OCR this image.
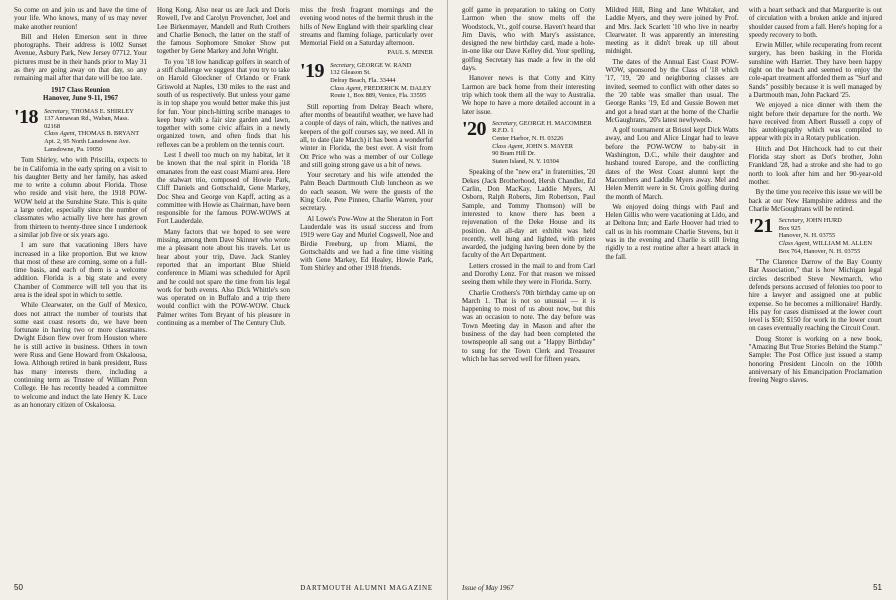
So come on and join us and have the time of your life. Who knows, many of us may never make another reunion!

Bill and Helen Emerson sent in three photographs. Their address is 1002 Sunset Avenue, Asbury Park, New Jersey 07712. Your pictures must be in their hands prior to May 31 as they are going away on that day, so any remaining mail after that date will be too late.

1917 Class Reunion
Hanover, June 9-11, 1967
'18 Secretary, THOMAS E. SHIRLEY
137 Annawan Rd., Waban, Mass.
02168
Class Agent, THOMAS B. BRYANT
Apt. 2, 95 North Lansdowne Ave.
Lansdowne, Pa. 19050

Tom Shirley, who with Priscilla, expects to be in California in the early spring on a visit to his daughter Betty and her family, has asked me to write a column about Florida. Those who reside and visit here, the 1918 POW-WOW held at the Sunshine State. This is quite a large order, especially since the number of classmates who actually live here has grown from thirteen to twenty-three since I undertook a similar job five or six years ago.

I am sure that vacationing 18ers have increased in a like proportion. But we know that most of these are coming, some on a full-time basis, and each of them is a welcome addition. Florida is a big state and every Chamber of Commerce will tell you that its area is the ideal spot in which to settle.

While Clearwater, on the Gulf of Mexico, does not attract the number of tourists that some east coast resorts do, we have been fortunate in having two or more classmates. Dwight Edson flew over from Houston where he is still active in business. Others in town were Russ and Gene Howard from Oskaloosa, Iowa. Although retired in bank president, Russ has many interests there, including a continuing term as Trustee of William Penn College. He has recently headed a committee to welcome and induct the late Henry K. Luce as an honorary citizen of Oskaloosa.

Hong Kong. Also near us are Jack and Doris Rowell, I've and Carolyn Provencher, Joel and Lee Birkenmayer, Mandell and Ruth Crothers and Charlie Benoch, the latter on the staff of the famous Sophomore Smoker Show put together by Gene Markey and John Wright.

To you '18 low handicap golfers in search of a stiff challenge we suggest that you try to take on Harold Gloeckner of Orlando or Frank Griswold at Naples, 130 miles to the east and south of us respectively. But unless your game is in top shape you would better make this just for fun. Your pinch-hitting scribe manages to keep busy with a fair size garden and lawn, together with some civic affairs in a newly organized town, and often finds that his reflexes can be a problem on the tennis court.

Lest I dwell too much on my habitat, let it be known that the real spirit in Florida '18 emanates from the east coast Miami area. Here the stalwart trio, composed of Howie Park, Cliff Daniels and Gottschaldt, Gene Markey, Doc Shea and George von Kapff, acting as a committee with Howie as Chairman, have been responsible for the famous POW-WOWS at Fort Lauderdale.

Many factors that we hoped to see were missing, among them Dave Skinner who wrote me a pleasant note about his travels. Let us hear about your trip, Dave. Jack Stanley reported that an important Blue Shield conference in Miami was scheduled for April and he could not spare the time from his legal work for both events. Also Dick Whittle's son was operated on in Buffalo and a trip there would conflict with the POW-WOW. Chuck Palmer writes Tom Bryant of his pleasure in continuing as a member of The Century Club.

miss the fresh fragrant mornings and the evening wood notes of the hermit thrush in the hills of New England with their sparkling clear streams and flaming foliage, particularly over Memorial Field on a Saturday afternoon.

PAUL S. MINER
'19 Secretary, GEORGE W. RAND
132 Gleason St.
Delray Beach, Fla. 33444
Class Agent, FREDERICK M. DALEY
Route 1, Box 889, Venice, Fla. 33595

Still reporting from Delray Beach where, after months of beautiful weather, we have had a couple of days of rain, which, the natives and keepers of the golf courses say, we need. All in all, to date (late March) it has been a wonderful winter in Florida, the best ever. A visit from Ott Price who was a member of our College and still going strong gave us a bit of news.

Your secretary and his wife attended the Palm Beach Dartmouth Club luncheon as we do each season. We were the guests of the King Cole, Pete Pinneo, Charlie Warren, your secretary.

Al Lowe's Pow-Wow at the Sheraton in Fort Lauderdale was its usual success and from 1919 were Gay and Muriel Cogswell, Noe and Birdie Freeburg, up from Miami, the Gottschaldts and we had a fine time visiting with Gene Markey, Ed Healey, Howie Park, Tom Shirley and other 1918 friends.

50	DARTMOUTH ALUMNI MAGAZINE

golf game in preparation to taking on Cotty Larmon when the snow melts off the Woodstock, Vt., golf course. Haven't heard that Jim Davis, who with Mary's assistance, designed the new birthday card, made a hole-in-one like our Dave Kelley did. Your spelling, golfing Secretary has made a few in the old days.

Hanover news is that Cotty and Kitty Larmon are back home from their interesting trip which took them all the way to Australia. We hope to have a more detailed account in a later issue.

'20 Secretary, GEORGE H. MACOMBER
R.F.D. 1
Center Harbor, N. H. 03226
Class Agent, JOHN S. MAYER
90 Bram Hill Dr.
Staten Island, N. Y. 10304

Speaking of the "new era" in fraternities, '20 Dekes (Jack Brotherhood, Hersh Chandler, Ed Carlin, Don MacKay, Laddie Myers, Al Osborn, Ralph Roberts, Jim Robertson, Paul Sample, and Tommy Thomson) will be interested to know there has been a rejuvenation of the Deke House and its position. An all-day art exhibit was held recently, well hung and lighted, with prizes awarded, the judging having been done by the faculty of the Art Department.

Letters crossed in the mail to and from Carl and Dorothy Lenz. For that reason we missed seeing them while they were in Florida. Sorry.

Charlie Crothers's 70th birthday came up on March 1. That is not so unusual — it is happening to most of us about now, but this was an occasion to note. The day before was Town Meeting day in Mason and after the business of the day had been completed the townspeople all sang out a "Happy Birthday" to sung for the Town Clerk and Treasurer which he has served well for fifteen years.

Mildred Hill, Bing and Jane Whitaker, and Laddie Myers, and they were joined by Prof. and Mrs. Jack Scarlett '10 who live in nearby Clearwater. It was apparently an interesting meeting as it didn't break up till about midnight.

The dates of the Annual East Coast POW-WOW, sponsored by the Class of '18 which '17, '19, '20 and neighboring classes are invited, seemed to conflict with other dates so the '20 table was smaller than usual. The George Ranks '19, Ed and Gussie Bowen met and got a head start at the home of the Charlie McGaughrans, '20's latest newlyweds.

A golf tournament at Bristol kept Dick Watts away, and Lou and Alice Lingar had to leave before the POW-WOW to baby-sit in Washington, D.C., while their daughter and husband toured Europe, and the conflicting dates of the West Coast alumni kept the Macombers and Laddie Myers away. Mel and Helen Merritt were in St. Croix golfing during the month of March.

We enjoyed doing things with Paul and Helen Gillis who were vacationing at Lido, and at Deltona Inn; and Earle Hoover had tried to call us in his roommate Charlie Stevens, but it was in the evening and Charlie is still living rigidly to a rest routine after a heart attack in the fall.

with a heart setback and that Marguerite is out of circulation with a broken ankle and injured shoulder caused from a fall. Here's hoping for a speedy recovery to both.

Erwin Miller, while recuperating from recent surgery, has been basking in the Florida sunshine with Harriet. They have been happy right on the beach and seemed to enjoy the cole-apart treatment afforded them as "Surf and Sands" possibly because it is well managed by a Dartmouth man, John Packard '25.

We enjoyed a nice dinner with them the night before their departure for the north. We have received from Albert Russell a copy of his autobiography which was compiled to appear with pix in a Rotary publication.

Hitch and Dot Hitchcock had to cut their Florida stay short as Dot's brother, John Frankland '28, had a stroke and she had to go north to look after him and her 90-year-old mother.

By the time you receive this issue we will be back at our New Hampshire address and the Charlie McGoughrans will be retired.

'21 Secretary, JOHN HURD
Box 925
Hanover, N. H. 03755
Class Agent, WILLIAM M. ALLEN
Box 764, Hanover, N. H. 03755

"The Clarence Darrow of the Bay County Bar Association," that is how Michigan legal circles described Steve Newmarch, who defends persons accused of felonies too poor to hire a lawyer and assigned one at public expense. So he becomes a millionaire! Hardly. His pay for cases dismissed at the lower court level is $50; $150 for work in the lower court on cases eventually reaching the Circuit Court.

Doug Storer is working on a new book, "Amazing But True Stories Behind the Stamp." Sample: The Post Office just issued a stamp honoring President Lincoln on the 100th anniversary of his Emancipation Proclamation freeing Negro slaves.

Issue of May 1967	51
